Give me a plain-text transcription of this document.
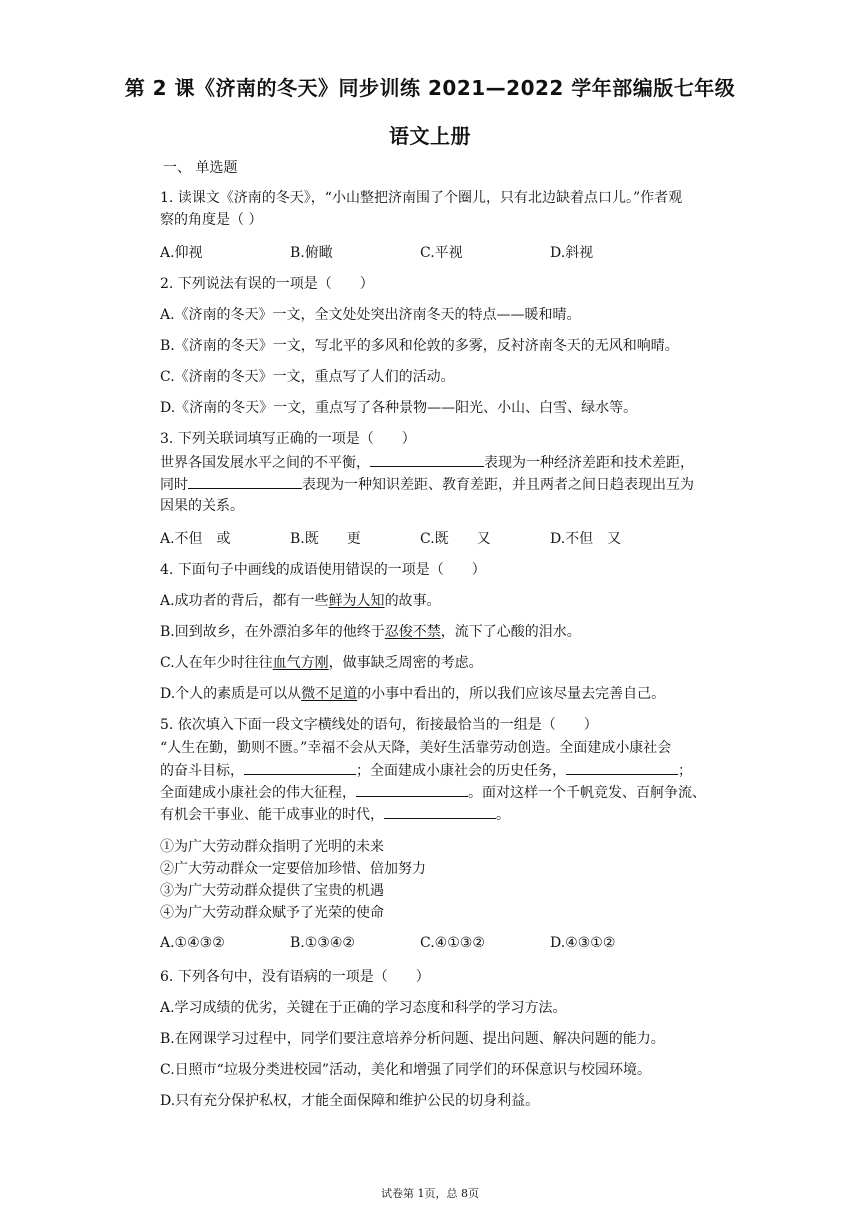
第 2 课《济南的冬天》同步训练 2021—2022 学年部编版七年级
语文上册
一、 单选题
1. 读课文《济南的冬天》，“小山整把济南围了个圈儿，只有北边缺着点口儿。”作者观
察的角度是（ ）
A.仰视	B.俯瞰	C.平视	D.斜视
2. 下列说法有误的一项是（　　）
A.《济南的冬天》一文，全文处处突出济南冬天的特点——暖和晴。
B.《济南的冬天》一文，写北平的多风和伦敦的多雾，反衬济南冬天的无风和响晴。
C.《济南的冬天》一文，重点写了人们的活动。
D.《济南的冬天》一文，重点写了各种景物——阳光、小山、白雪、绿水等。
3. 下列关联词填写正确的一项是（　　）
世界各国发展水平之间的不平衡，	表现为一种经济差距和技术差距，
同时	表现为一种知识差距、教育差距，并且两者之间日趋表现出互为
因果的关系。
A.不但　或	B.既　　更	C.既　　又	D.不但　又
4. 下面句子中画线的成语使用错误的一项是（　　）
A.成功者的背后，都有一些鲜为人知的故事。
B.回到故乡，在外漂泊多年的他终于忍俊不禁，流下了心酸的泪水。
C.人在年少时往往血气方刚，做事缺乏周密的考虑。
D.个人的素质是可以从微不足道的小事中看出的，所以我们应该尽量去完善自己。
5. 依次填入下面一段文字横线处的语句，衔接最恰当的一组是（　　）
“人生在勤，勤则不匮。”幸福不会从天降，美好生活靠劳动创造。全面建成小康社会
的奋斗目标，	；全面建成小康社会的历史任务，	；
全面建成小康社会的伟大征程，	。面对这样一个千帆竞发、百舸争流、
有机会干事业、能干成事业的时代，	。
①为广大劳动群众指明了光明的未来
②广大劳动群众一定要倍加珍惜、倍加努力
③为广大劳动群众提供了宝贵的机遇
④为广大劳动群众赋予了光荣的使命
A.①④③②	B.①③④②	C.④①③②	D.④③①②
6. 下列各句中，没有语病的一项是（　　）
A.学习成绩的优劣，关键在于正确的学习态度和科学的学习方法。
B.在网课学习过程中，同学们要注意培养分析问题、提出问题、解决问题的能力。
C.日照市“垃圾分类进校园”活动，美化和增强了同学们的环保意识与校园环境。
D.只有充分保护私权，才能全面保障和维护公民的切身利益。
试卷第 1页，总 8页
